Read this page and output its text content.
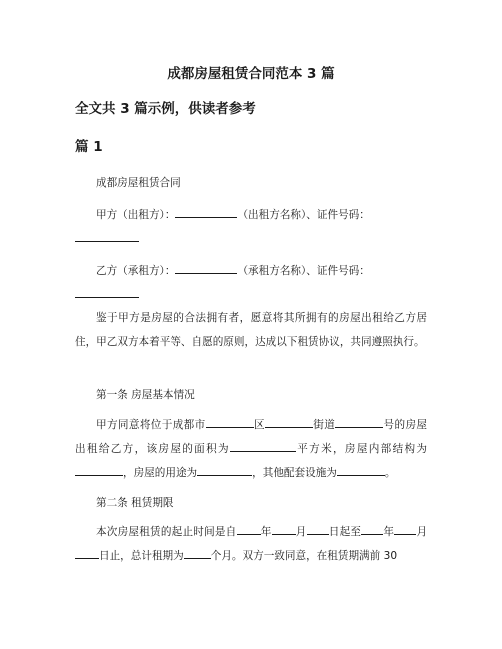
成都房屋租赁合同范本 3 篇
全文共 3 篇示例，供读者参考
篇 1

成都房屋租赁合同

甲方（出租方）：	（出租方名称）、证件号码：

乙方（承租方）：	（承租方名称）、证件号码：

鉴于甲方是房屋的合法拥有者，愿意将其所拥有的房屋出租给乙方居住，甲乙双方本着平等、自愿的原则，达成以下租赁协议，共同遵照执行。

第一条 房屋基本情况

甲方同意将位于成都市	区	街道	号的房屋出租给乙方，该房屋的面积为	平方米，房屋内部结构为，房屋的用途为	，其他配套设施为	。

第二条 租赁期限

本次房屋租赁的起止时间是自 年 月 日起至 年 月日止，总计租期为	个月。双方一致同意，在租赁期满前 30
